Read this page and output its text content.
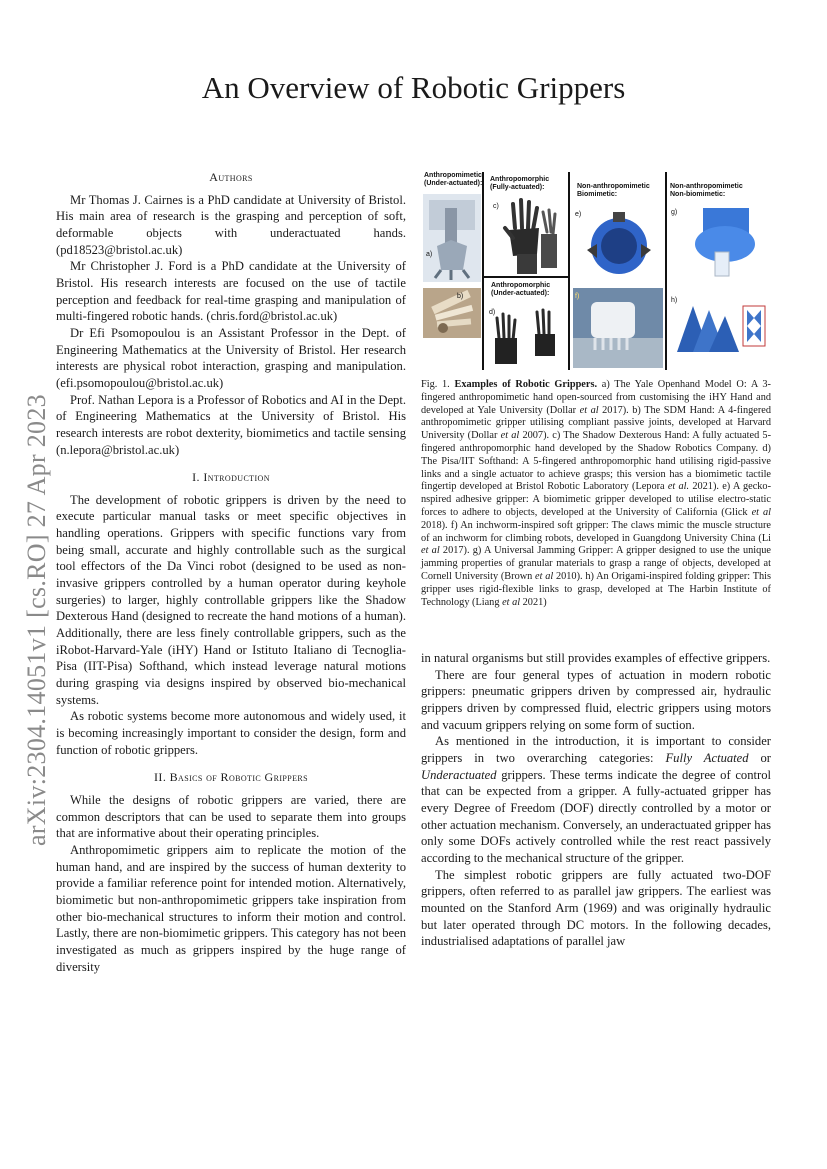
An Overview of Robotic Grippers
arXiv:2304.14051v1 [cs.RO] 27 Apr 2023
Authors

Mr Thomas J. Cairnes is a PhD candidate at University of Bristol. His main area of research is the grasping and perception of soft, deformable objects with underactuated hands. (pd18523@bristol.ac.uk)

Mr Christopher J. Ford is a PhD candidate at the University of Bristol. His research interests are focused on the use of tactile perception and feedback for real-time grasping and manipulation of multi-fingered robotic hands. (chris.ford@bristol.ac.uk)

Dr Efi Psomopoulou is an Assistant Professor in the Dept. of Engineering Mathematics at the University of Bristol. Her research interests are physical robot interaction, grasping and manipulation. (efi.psomopoulou@bristol.ac.uk)

Prof. Nathan Lepora is a Professor of Robotics and AI in the Dept. of Engineering Mathematics at the University of Bristol. His research interests are robot dexterity, biomimetics and tactile sensing (n.lepora@bristol.ac.uk)

I. Introduction

The development of robotic grippers is driven by the need to execute particular manual tasks or meet specific objectives in handling operations. Grippers with specific functions vary from being small, accurate and highly controllable such as the surgical tool effectors of the Da Vinci robot (designed to be used as non-invasive grippers controlled by a human operator during keyhole surgeries) to larger, highly controllable grippers like the Shadow Dexterous Hand (designed to recreate the hand motions of a human). Additionally, there are less finely controllable grippers, such as the iRobot-Harvard-Yale (iHY) Hand or Istituto Italiano di Tecnoglia-Pisa (IIT-Pisa) Softhand, which instead leverage natural motions during grasping via designs inspired by observed bio-mechanical systems.

As robotic systems become more autonomous and widely used, it is becoming increasingly important to consider the design, form and function of robotic grippers.

II. Basics of Robotic Grippers

While the designs of robotic grippers are varied, there are common descriptors that can be used to separate them into groups that are informative about their operating principles.

Anthropomimetic grippers aim to replicate the motion of the human hand, and are inspired by the success of human dexterity to provide a familiar reference point for intended motion. Alternatively, biomimetic but non-anthropomimetic grippers take inspiration from other bio-mechanical structures to inform their motion and control. Lastly, there are non-biomimetic grippers. This category has not been investigated as much as grippers inspired by the huge range of diversity

Anthropomimetic
(Under-actuated):
Anthropomorphic
(Fully-actuated):	Non-anthropomimetic
Biomimetic:
Non-anthropomimetic
Non-biomimetic:
Anthropomorphic
(Under-actuated):
a)
b)
c)
d)
e)
f)
g)
h)
Fig. 1. Examples of Robotic Grippers. a) The Yale Openhand Model O: A 3-fingered anthropomimetic hand open-sourced from customising the iHY Hand and developed at Yale University (Dollar et al 2017). b) The SDM Hand: A 4-fingered anthropomimetic gripper utilising compliant passive joints, developed at Harvard University (Dollar et al 2007). c) The Shadow Dexterous Hand: A fully actuated 5-fingered anthropomorphic hand developed by the Shadow Robotics Company. d) The Pisa/IIT Softhand: A 5-fingered anthropomorphic hand utilising rigid-passive links and a single actuator to achieve grasps; this version has a biomimetic tactile fingertip developed at Bristol Robotic Laboratory (Lepora et al. 2021). e) A gecko-nspired adhesive gripper: A biomimetic gripper developed to utilise electro-static forces to adhere to objects, developed at the University of California (Glick et al 2018). f) An inchworm-inspired soft gripper: The claws mimic the muscle structure of an inchworm for climbing robots, developed in Guangdong University China (Li et al 2017). g) A Universal Jamming Gripper: A gripper designed to use the unique jamming properties of granular materials to grasp a range of objects, developed at Cornell University (Brown et al 2010). h) An Origami-inspired folding gripper: This gripper uses rigid-flexible links to grasp, developed at The Harbin Institute of Technology (Liang et al 2021)

in natural organisms but still provides examples of effective grippers.

There are four general types of actuation in modern robotic grippers: pneumatic grippers driven by compressed air, hydraulic grippers driven by compressed fluid, electric grippers using motors and vacuum grippers relying on some form of suction.

As mentioned in the introduction, it is important to consider grippers in two overarching categories: Fully Actuated or Underactuated grippers. These terms indicate the degree of control that can be expected from a gripper. A fully-actuated gripper has every Degree of Freedom (DOF) directly controlled by a motor or other actuation mechanism. Conversely, an underactuated gripper has only some DOFs actively controlled while the rest react passively according to the mechanical structure of the gripper.

The simplest robotic grippers are fully actuated two-DOF grippers, often referred to as parallel jaw grippers. The earliest was mounted on the Stanford Arm (1969) and was originally hydraulic but later operated through DC motors. In the following decades, industrialised adaptations of parallel jaw
